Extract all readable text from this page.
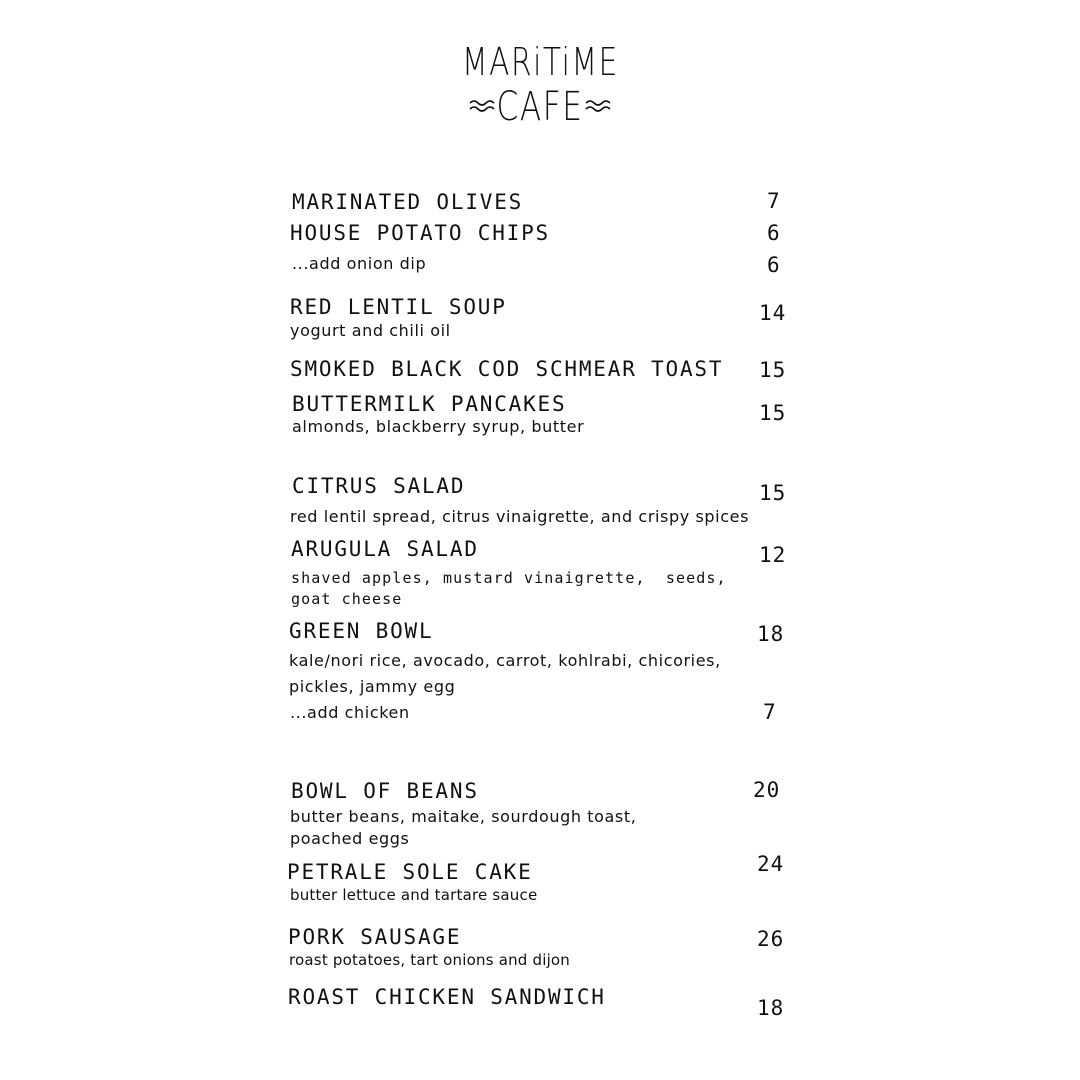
MARiTiME
CAFE
MARINATED OLIVES	7
HOUSE POTATO CHIPS	6
...add onion dip	6
RED LENTIL SOUP
yogurt and chili oil
14
SMOKED BLACK COD SCHMEAR TOAST 15
BUTTERMILK PANCAKES
almonds, blackberry syrup, butter
15
CITRUS SALAD
red lentil spread, citrus vinaigrette, and crispy spices
15
ARUGULA SALAD
shaved apples, mustard vinaigrette,  seeds,
goat cheese
12
GREEN BOWL
kale/nori rice, avocado, carrot, kohlrabi, chicories,
pickles, jammy egg
18
...add chicken	7
BOWL OF BEANS
butter beans, maitake, sourdough toast,
poached eggs
20
PETRALE SOLE CAKE
butter lettuce and tartare sauce
24
PORK SAUSAGE
roast potatoes, tart onions and dijon
26
ROAST CHICKEN SANDWICH	18
